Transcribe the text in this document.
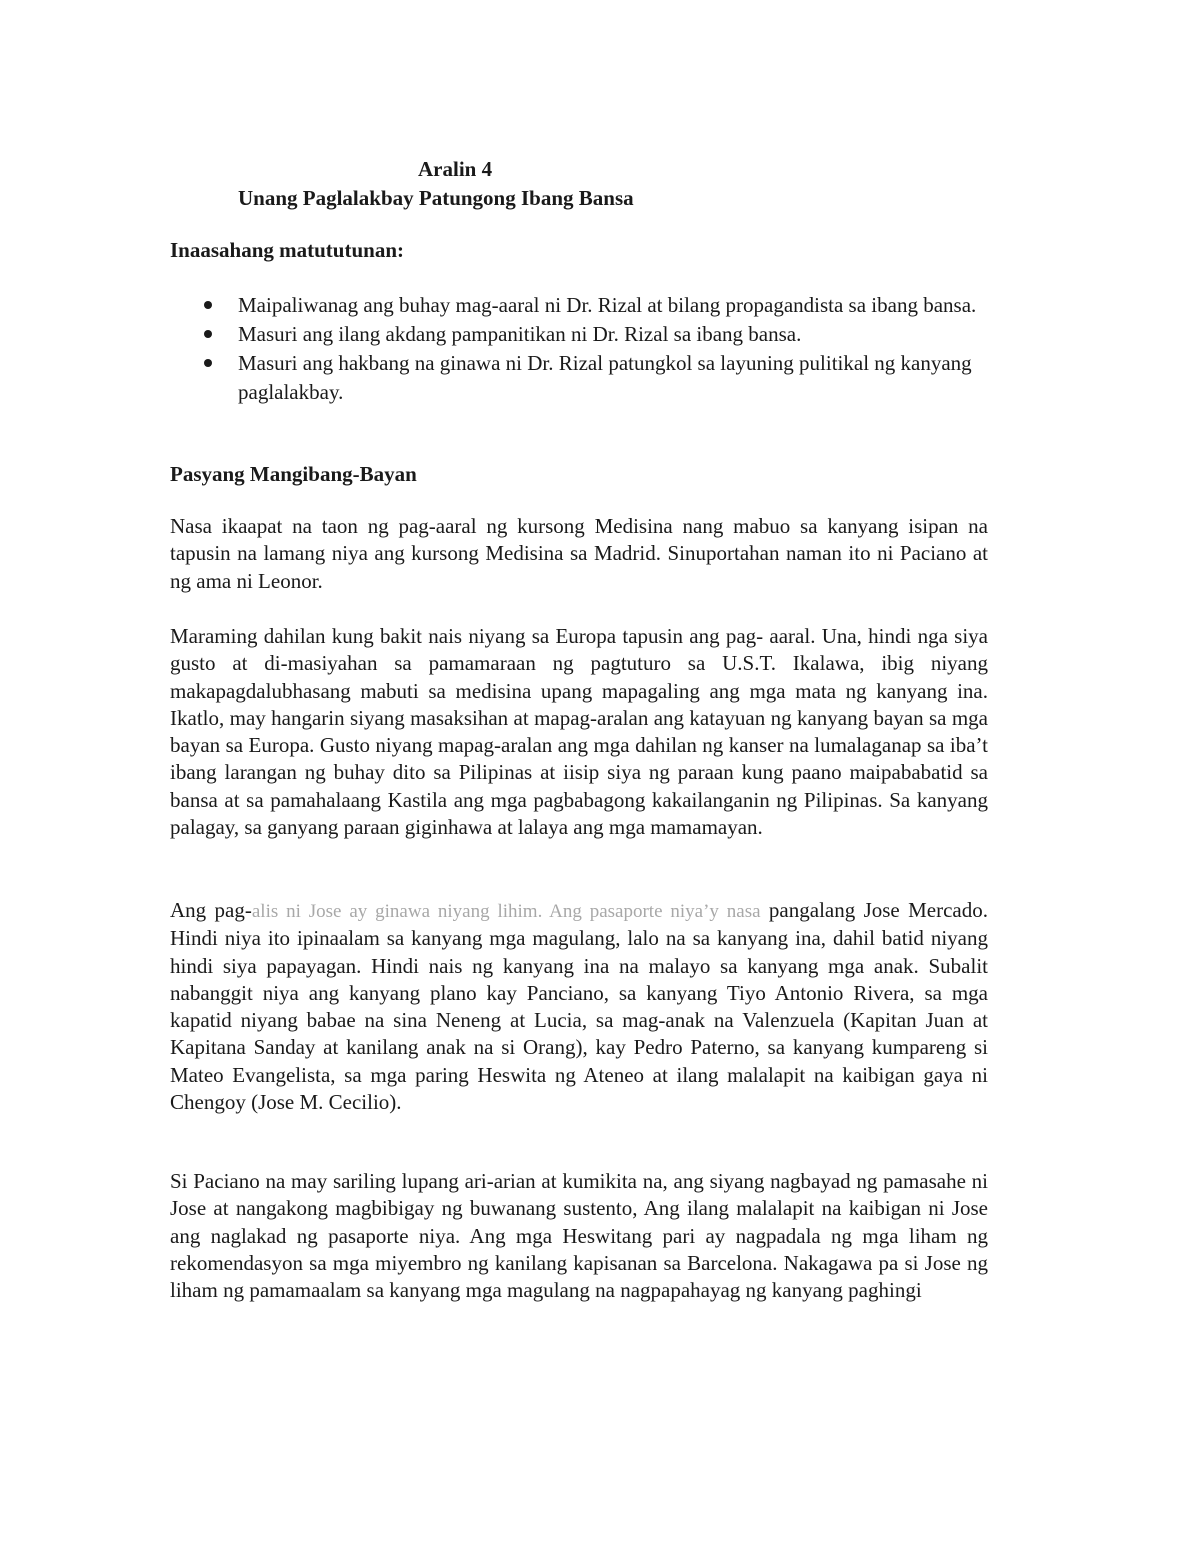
Aralin 4
Unang Paglalakbay Patungong Ibang Bansa
Inaasahang matututunan:
Maipaliwanag ang buhay mag-aaral ni Dr. Rizal at bilang propagandista sa ibang bansa.
Masuri ang ilang akdang pampanitikan ni Dr. Rizal sa ibang bansa.
Masuri ang hakbang na ginawa ni Dr. Rizal patungkol sa layuning pulitikal ng kanyang paglalakbay.
Pasyang Mangibang-Bayan

Nasa ikaapat na taon ng pag-aaral ng kursong Medisina nang mabuo sa kanyang isipan na tapusin na lamang niya ang kursong Medisina sa Madrid. Sinuportahan naman ito ni Paciano at ng ama ni Leonor.

Maraming dahilan kung bakit nais niyang sa Europa tapusin ang pag- aaral. Una, hindi nga siya gusto at di-masiyahan sa pamamaraan ng pagtuturo sa U.S.T. Ikalawa, ibig niyang makapagdalubhasang mabuti sa medisina upang mapagaling ang mga mata ng kanyang ina. Ikatlo, may hangarin siyang masaksihan at mapag-aralan ang katayuan ng kanyang bayan sa mga bayan sa Europa. Gusto niyang mapag-aralan ang mga dahilan ng kanser na lumalaganap sa iba’t ibang larangan ng buhay dito sa Pilipinas at iisip siya ng paraan kung paano maipababatid sa bansa at sa pamahalaang Kastila ang mga pagbabagong kakailanganin ng Pilipinas. Sa kanyang palagay, sa ganyang paraan giginhawa at lalaya ang mga mamamayan.

Ang pag-alis ni Jose ay ginawa niyang lihim. Ang pasaporte niya’y nasa pangalang Jose Mercado. Hindi niya ito ipinaalam sa kanyang mga magulang, lalo na sa kanyang ina, dahil batid niyang hindi siya papayagan. Hindi nais ng kanyang ina na malayo sa kanyang mga anak. Subalit nabanggit niya ang kanyang plano kay Panciano, sa kanyang Tiyo Antonio Rivera, sa mga kapatid niyang babae na sina Neneng at Lucia, sa mag-anak na Valenzuela (Kapitan Juan at Kapitana Sanday at kanilang anak na si Orang), kay Pedro Paterno, sa kanyang kumpareng si Mateo Evangelista, sa mga paring Heswita ng Ateneo at ilang malalapit na kaibigan gaya ni Chengoy (Jose M. Cecilio).

Si Paciano na may sariling lupang ari-arian at kumikita na, ang siyang nagbayad ng pamasahe ni Jose at nangakong magbibigay ng buwanang sustento, Ang ilang malalapit na kaibigan ni Jose ang naglakad ng pasaporte niya. Ang mga Heswitang pari ay nagpadala ng mga liham ng rekomendasyon sa mga miyembro ng kanilang kapisanan sa Barcelona. Nakagawa pa si Jose ng liham ng pamamaalam sa kanyang mga magulang na nagpapahayag ng kanyang paghingi
